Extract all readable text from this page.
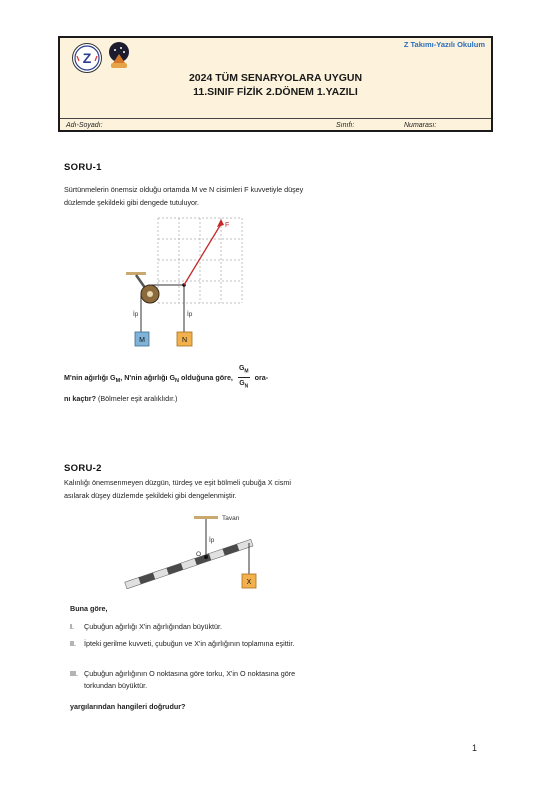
Z
Z Takımı-Yazılı Okulum
2024 TÜM SENARYOLARA UYGUN
11.SINIF FİZİK 2.DÖNEM 1.YAZILI
Adı-Soyadı:	Sınıfı:	Numarası:
SORU-1
Sürtünmelerin önemsiz olduğu ortamda M ve N cisimleri F kuvvetiyle düşey düzlemde şekildeki gibi dengede tutuluyor.
F
İp	İp
M	N
M'nin ağırlığı $G_M$, N'nin ağırlığı $G_N$ olduğuna göre, $\frac{G_M}{G_N} ora-$
nı kaçtır? (Bölmeler eşit aralıklıdır.)
SORU-2
Kalınlığı önemsenmeyen düzgün, türdeş ve eşit bölmeli çubuğa X cismi asılarak düşey düzlemde şekildeki gibi dengelenmiştir.
Tavan
İp
O
X
Buna göre,
I. Çubuğun ağırlığı X'in ağırlığından büyüktür.
II. İpteki gerilme kuvveti, çubuğun ve X'in ağırlığının toplamına eşittir.
III. Çubuğun ağırlığının O noktasına göre torku, X'in O noktasına göre torkundan büyüktür.
yargılarından hangileri doğrudur?
1
